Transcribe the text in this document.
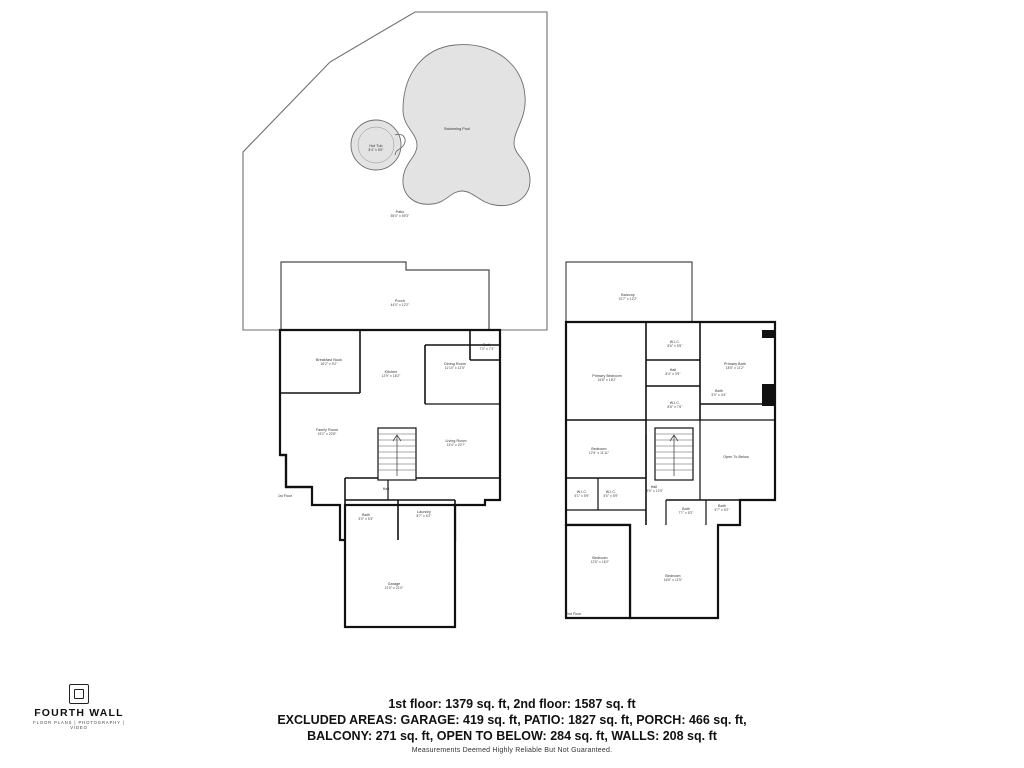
Swimming Pool
Hot Tub
8'4" x 8'5"
Patio
55'0" x 59'3"
Porch
44'0" x 12'2"
Breakfast Nook
16'2" x 9'2"
Kitchen
12'9" x 18'2"
Dining Room
11'10" x 12'5"
Bath
7'3" x 7'3"
Family Room
19'2" x 22'8"
Living Room
13'4" x 20'7"
Hall
Bath
5'0" x 5'3"
Laundry
8'7" x 6'2"
Garage
21'0" x 21'0"
Balcony
22'7" x 12'2"
Primary Bedroom
16'8" x 16'2"
W.I.C.
8'6" x 5'5"
Hall
8'4" x 3'9"
W.I.C.
8'8" x 7'6"
Primary Bath
18'5" x 11'2"
Bath
5'0" x 4'4"
Bedroom
12'5" x 11'11"
Open To Below
W.I.C.
5'1" x 5'9"
W.I.C.
5'0" x 5'9"
Hall
19'0" x 12'0"
Bath
7'7" x 5'2"
Bath
5'7" x 5'2"
Bedroom
12'5" x 16'2"
Bedroom
16'6" x 11'5"
1st Floor
2nd Floor
FOURTH WALL
FLOOR PLANS | PHOTOGRAPHY | VIDEO
1st floor: 1379 sq. ft, 2nd floor: 1587 sq. ft
EXCLUDED AREAS: GARAGE: 419 sq. ft, PATIO: 1827 sq. ft, PORCH: 466 sq. ft,
BALCONY: 271 sq. ft, OPEN TO BELOW: 284 sq. ft, WALLS: 208 sq. ft
Measurements Deemed Highly Reliable But Not Guaranteed.
